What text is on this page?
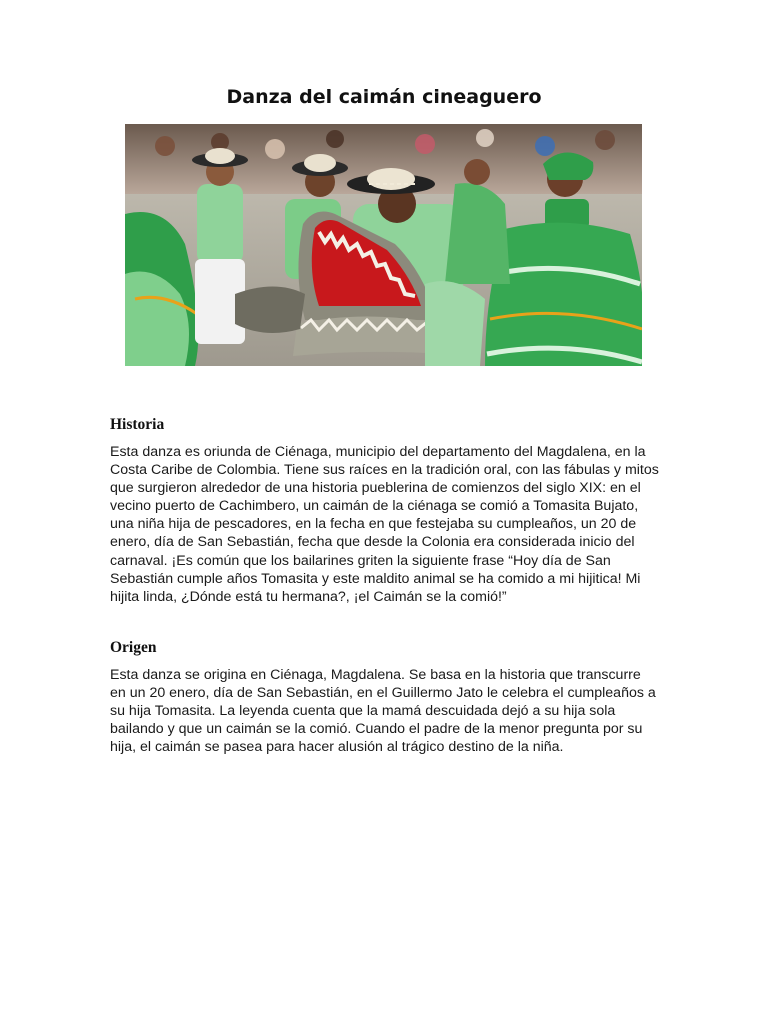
Danza del caimán cineaguero
Historia

Esta danza es oriunda de Ciénaga, municipio del departamento del Magdalena, en la Costa Caribe de Colombia. Tiene sus raíces en la tradición oral, con las fábulas y mitos que surgieron alrededor de una historia pueblerina de comienzos del siglo XIX: en el vecino puerto de Cachimbero, un caimán de la ciénaga se comió a Tomasita Bujato, una niña hija de pescadores, en la fecha en que festejaba su cumpleaños, un 20 de enero, día de San Sebastián, fecha que desde la Colonia era considerada inicio del carnaval. ¡Es común que los bailarines griten la siguiente frase “Hoy día de San Sebastián cumple años Tomasita y este maldito animal se ha comido a mi hijitica! Mi hijita linda, ¿Dónde está tu hermana?, ¡el Caimán se la comió!”

Origen

Esta danza se origina en Ciénaga, Magdalena. Se basa en la historia que transcurre en un 20 enero, día de San Sebastián, en el Guillermo Jato le celebra el cumpleaños a su hija Tomasita. La leyenda cuenta que la mamá descuidada dejó a su hija sola bailando y que un caimán se la comió. Cuando el padre de la menor pregunta por su hija, el caimán se pasea para hacer alusión al trágico destino de la niña.
